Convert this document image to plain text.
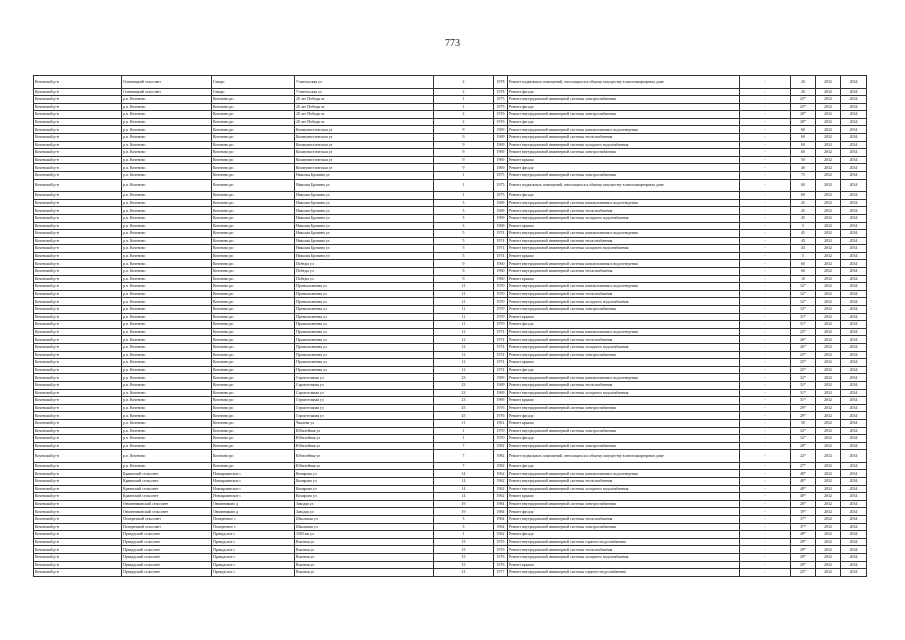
773
Кочевский р-н	Оленницкий сельсовет	Гамарс	Учительская ул	2	1978	Ремонт подвальных помещений, относящихся к общему имуществу в многоквартирном доме	-	20	2032	2034
Кочевский р-н	Оленницкий сельсовет	Гамарс	Учительская ул	2	1978	Ремонт фасада	-	20	2032	2034
Кочевский р-н	р.п. Кочевово	Кочевово рп	20 лет Победы кт	1	1975	Ремонт внутридомовой инженерной системы электроснабжения	-	25*	2032	2034
Кочевский р-н	р.п. Кочевово	Кочевово рп	20 лет Победы кт	1	1975	Ремонт фасада	-	25*	2032	2034
Кочевский р-н	р.п. Кочевово	Кочевово рп	20 лет Победы кт	2	1976	Ремонт внутридомовой инженерной системы электроснабжения	-	28*	2032	2034
Кочевский р-н	р.п. Кочевово	Кочевово рп	20 лет Победы кт	2	1976	Ремонт фасада	-	28*	2032	2034
Кочевский р-н	р.п. Кочевово	Кочевово рп	Коммунистическая ул	9	1969	Ремонт внутридомовой инженерной системы канализования и водоотведения	-	60	2032	2034
Кочевский р-н	р.п. Кочевово	Кочевово рп	Коммунистическая ул	9	1969	Ремонт внутридомовой инженерной системы теплоснабжения	-	60	2032	2034
Кочевский р-н	р.п. Кочевово	Кочевово рп	Коммунистическая ул	9	1969	Ремонт внутридомовой инженерной системы холодного водоснабжения	-	60	2032	2034
Кочевский р-н	р.п. Кочевово	Кочевово рп	Коммунистическая ул	9	1969	Ремонт внутридомовой инженерной системы электроснабжения	-	60	2032	2034
Кочевский р-н	р.п. Кочевово	Кочевово рп	Коммунистическая ул	9	1969	Ремонт крыши	-	50	2032	2034
Кочевский р-н	р.п. Кочевово	Кочевово рп	Коммунистическая ул	9	1969	Ремонт фасада	-	46	2032	2034
Кочевский р-н	р.п. Кочевово	Кочевово рп	Николая Бровина ул	1	1975	Ремонт внутридомовой инженерной системы электроснабжения	-	75	2032	2034
Кочевский р-н	р.п. Кочевово	Кочевово рп	Николая Бровина ул	1	1975	Ремонт подвальных помещений, относящихся к общему имуществу в многоквартирном доме	-	60	2032	2034
Кочевский р-н	р.п. Кочевово	Кочевово рп	Николая Бровина ул	1	1975	Ремонт фасада	-	60	2032	2034
Кочевский р-н	р.п. Кочевово	Кочевово рп	Николая Бровина ул	3	1969	Ремонт внутридомовой инженерной системы канализования и водоотведения	-	45	2032	2034
Кочевский р-н	р.п. Кочевово	Кочевово рп	Николая Бровина ул	3	1969	Ремонт внутридомовой инженерной системы теплоснабжения	-	45	2032	2034
Кочевский р-н	р.п. Кочевово	Кочевово рп	Николая Бровина ул	3	1969	Ремонт внутридомовой инженерной системы холодного водоснабжения	-	45	2032	2034
Кочевский р-н	р.п. Кочевово	Кочевово рп	Николая Бровина ул	3	1969	Ремонт крыши	-	5	2032	2034
Кочевский р-н	р.п. Кочевово	Кочевово рп	Николая Бровина ул	5	1974	Ремонт внутридомовой инженерной системы канализования и водоотведения	-	45	2032	2034
Кочевский р-н	р.п. Кочевово	Кочевово рп	Николая Бровина ул	5	1974	Ремонт внутридомовой инженерной системы теплоснабжения	-	45	2032	2034
Кочевский р-н	р.п. Кочевово	Кочевово рп	Николая Бровина ул	5	1974	Ремонт внутридомовой инженерной системы холодного водоснабжения	-	45	2032	2034
Кочевский р-н	р.п. Кочевово	Кочевово рп	Николая Бровина ул	5	1974	Ремонт крыши	-	5	2032	2034
Кочевский р-н	р.п. Кочевово	Кочевово рп	Победы ул	9	1960	Ремонт внутридомовой инженерной системы канализования и водоотведения	-	60	2032	2034
Кочевский р-н	р.п. Кочевово	Кочевово рп	Победы ул	9	1960	Ремонт внутридомовой инженерной системы теплоснабжения	-	60	2032	2034
Кочевский р-н	р.п. Кочевово	Кочевово рп	Победы ул	9	1960	Ремонт крыши	-	10	2032	2034
Кочевский р-н	р.п. Кочевово	Кочевово рп	Промышленная ул	11	1970	Ремонт внутридомовой инженерной системы канализования и водоотведения	-	32*	2032	2034
Кочевский р-н	р.п. Кочевово	Кочевово рп	Промышленная ул	11	1970	Ремонт внутридомовой инженерной системы теплоснабжения	-	32*	2032	2034
Кочевский р-н	р.п. Кочевово	Кочевово рп	Промышленная ул	11	1970	Ремонт внутридомовой инженерной системы холодного водоснабжения	-	32*	2032	2034
Кочевский р-н	р.п. Кочевово	Кочевово рп	Промышленная ул	11	1970	Ремонт внутридомовой инженерной системы электроснабжения	-	32*	2032	2034
Кочевский р-н	р.п. Кочевово	Кочевово рп	Промышленная ул	11	1970	Ремонт крыши	-	31*	2032	2034
Кочевский р-н	р.п. Кочевово	Кочевово рп	Промышленная ул	11	1970	Ремонт фасада	-	31*	2032	2034
Кочевский р-н	р.п. Кочевово	Кочевово рп	Промышленная ул	12	1974	Ремонт внутридомовой инженерной системы канализования и водоотведения	-	25*	2032	2034
Кочевский р-н	р.п. Кочевово	Кочевово рп	Промышленная ул	12	1974	Ремонт внутридомовой инженерной системы теплоснабжения	-	26*	2032	2034
Кочевский р-н	р.п. Кочевово	Кочевово рп	Промышленная ул	12	1974	Ремонт внутридомовой инженерной системы холодного водоснабжения	-	26*	2032	2034
Кочевский р-н	р.п. Кочевово	Кочевово рп	Промышленная ул	12	1974	Ремонт внутридомовой инженерной системы электроснабжения	-	25*	2032	2034
Кочевский р-н	р.п. Кочевово	Кочевово рп	Промышленная ул	12	1974	Ремонт крыши	-	25*	2032	2034
Кочевский р-н	р.п. Кочевово	Кочевово рп	Промышленная ул	12	1974	Ремонт фасада	-	25*	2032	2034
Кочевский р-н	р.п. Кочевово	Кочевово рп	Строительная ул	23	1969	Ремонт внутридомовой инженерной системы канализования и водоотведения	-	32*	2032	2034
Кочевский р-н	р.п. Кочевово	Кочевово рп	Строительная ул	23	1969	Ремонт внутридомовой инженерной системы теплоснабжения	-	32*	2032	2034
Кочевский р-н	р.п. Кочевово	Кочевово рп	Строительная ул	23	1969	Ремонт внутридомовой инженерной системы холодного водоснабжения	-	31*	2032	2034
Кочевский р-н	р.п. Кочевово	Кочевово рп	Строительная ул	23	1969	Ремонт крыши	-	31*	2032	2034
Кочевский р-н	р.п. Кочевово	Кочевово рп	Строительная ул	25	1976	Ремонт внутридомовой инженерной системы электроснабжения	-	29*	2032	2034
Кочевский р-н	р.п. Кочевово	Кочевово рп	Строительная ул	25	1976	Ремонт фасада	-	29*	2032	2034
Кочевский р-н	р.п. Кочевово	Кочевово рп	Чапаева ул	11	1961	Ремонт крыши	-	50	2032	2034
Кочевский р-н	р.п. Кочевово	Кочевово рп	Юбилейная ул	1	1970	Ремонт внутридомовой инженерной системы электроснабжения	-	32*	2032	2034
Кочевский р-н	р.п. Кочевово	Кочевово рп	Юбилейная ул	1	1970	Ремонт фасада	-	32*	2032	2034
Кочевский р-н	р.п. Кочевово	Кочевово рп	Юбилейная ул	7	1982	Ремонт внутридомовой инженерной системы электроснабжения	-	28*	2032	2034
Кочевский р-н	р.п. Кочевово	Кочевово рп	Юбилейная ул	7	1982	Ремонт подвальных помещений, относящихся к общему имуществу в многоквартирном доме	-	22*	2032	2034
Кочевский р-н	р.п. Кочевово	Кочевово рп	Юбилейная ул	7	1982	Ремонт фасада	-	27*	2032	2034
Кочевский р-н	Краинский сельсовет	Новокраинское с	Комарова ул	14	1962	Ремонт внутридомовой инженерной системы канализования и водоотведения	-	48*	2032	2034
Кочевский р-н	Краинский сельсовет	Новокраинское с	Комарова ул	14	1962	Ремонт внутридомовой инженерной системы теплоснабжения	-	48*	2032	2034
Кочевский р-н	Краинский сельсовет	Новокраинское с	Комарова ул	14	1962	Ремонт внутридомовой инженерной системы холодного водоснабжения	-	48*	2032	2034
Кочевский р-н	Краинский сельсовет	Новокраинское с	Комарова ул	14	1962	Ремонт крыши	-	48*	2032	2034
Кочевский р-н	Овчинниковский сельсовет	Овчинниково д	Заводая ул	19	1984	Ремонт внутридомовой инженерной системы электроснабжения	-	20*	2032	2034
Кочевский р-н	Овчинниковский сельсовет	Овчинниково д	Заводая ул	19	1984	Ремонт фасада	-	19*	2032	2034
Кочевский р-н	Поперечный сельсовет	Поперечное с	Школьная ул	3	1964	Ремонт внутридомовой инженерной системы теплоснабжения	-	37*	2032	2034
Кочевский р-н	Поперечный сельсовет	Поперечное с	Школьная ул	3	1964	Ремонт внутридомовой инженерной системы электроснабжения	-	37*	2032	2034
Кочевский р-н	Прикудский сельсовет	Прикудское с	3303 км ул	1	1962	Ремонт фасада	-	48*	2032	2034
Кочевский р-н	Прикудский сельсовет	Прикудское с	Вокзная ул	15	1976	Ремонт внутридомовой инженерной системы горячего водоснабжения	-	29*	2032	2034
Кочевский р-н	Прикудский сельсовет	Прикудское с	Вокзная ул	15	1976	Ремонт внутридомовой инженерной системы теплоснабжения	-	29*	2032	2034
Кочевский р-н	Прикудский сельсовет	Прикудское с	Вокзная ул	15	1976	Ремонт внутридомовой инженерной системы холодного водоснабжения	-	29*	2032	2034
Кочевский р-н	Прикудский сельсовет	Прикудское с	Вокзная ул	15	1976	Ремонт крыши	-	29*	2032	2034
Кочевский р-н	Прикудский сельсовет	Прикудское с	Вокзная ул	21	1977	Ремонт внутридомовой инженерной системы горячего водоснабжения	-	25*	2032	2034
